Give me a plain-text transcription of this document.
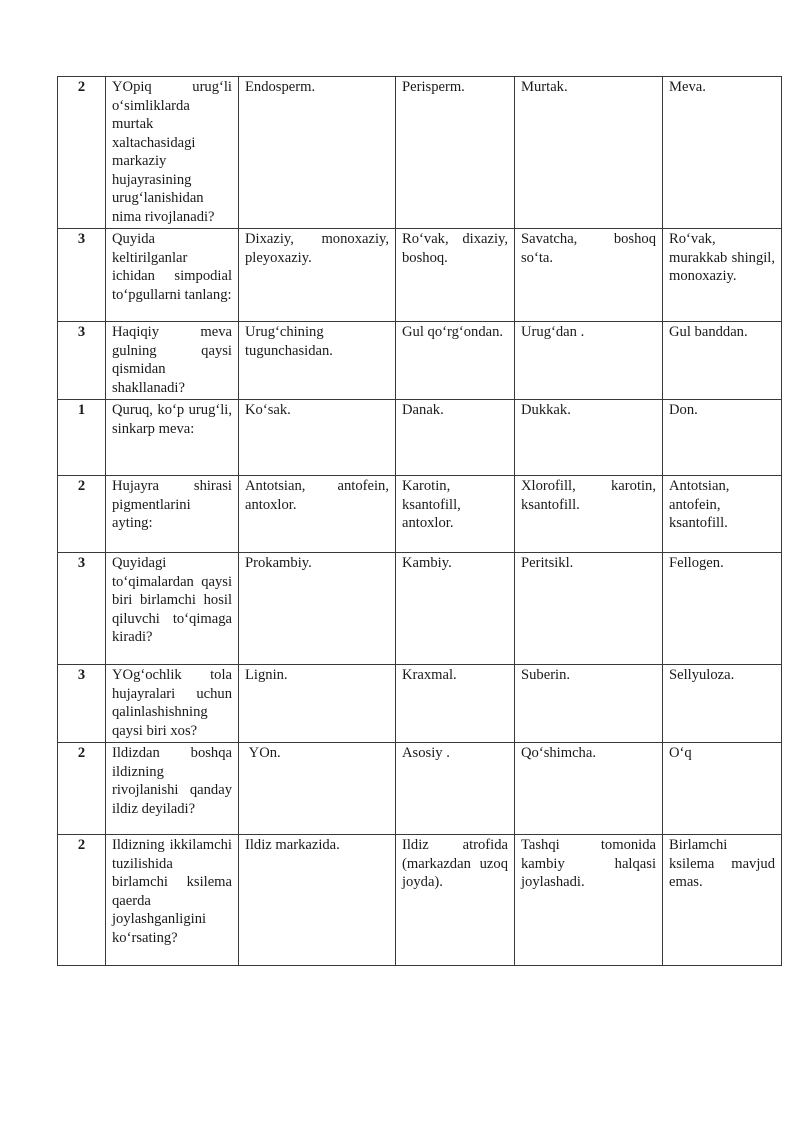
2	YOpiq urug‘li o‘simliklarda murtak xaltachasidagi markaziy hujayrasining urug‘lanishidan nima rivojlanadi?	Endosperm.	Perisperm.	Murtak.	Meva.
3	Quyida keltirilganlar ichidan simpodial to‘pgullarni tanlang:	Dixaziy, monoxaziy, pleyoxaziy.	Ro‘vak, dixaziy, boshoq.	Savatcha, boshoq so‘ta.	Ro‘vak, murakkab shingil, monoxaziy.
3	Haqiqiy meva gulning qaysi qismidan shakllanadi?	Urug‘chining tugunchasidan.	Gul qo‘rg‘ondan.	Urug‘dan .	Gul banddan.
1	Quruq, ko‘p urug‘li, sinkarp meva:	Ko‘sak.	Danak.	Dukkak.	Don.
2	Hujayra shirasi pigmentlarini ayting:	Antotsian, antofein, antoxlor.	Karotin, ksantofill, antoxlor.	Xlorofill, karotin, ksantofill.	Antotsian, antofein, ksantofill.
3	Quyidagi to‘qimalardan qaysi biri birlamchi hosil qiluvchi to‘qimaga kiradi?	Prokambiy.	Kambiy.	Peritsikl.	Fellogen.
3	YOg‘ochlik tola hujayralari uchun qalinlashishning qaysi biri xos?	Lignin.	Kraxmal.	Suberin.	Sellyuloza.
2	Ildizdan boshqa ildizning rivojlanishi qanday ildiz deyiladi?	YOn.	Asosiy .	Qo‘shimcha.	O‘q
2	Ildizning ikkilamchi tuzilishida birlamchi ksilema qaerda joylashganligini ko‘rsating?	Ildiz markazida.	Ildiz atrofida (markazdan uzoq joyda).	Tashqi tomonida kambiy halqasi joylashadi.	Birlamchi ksilema mavjud emas.
